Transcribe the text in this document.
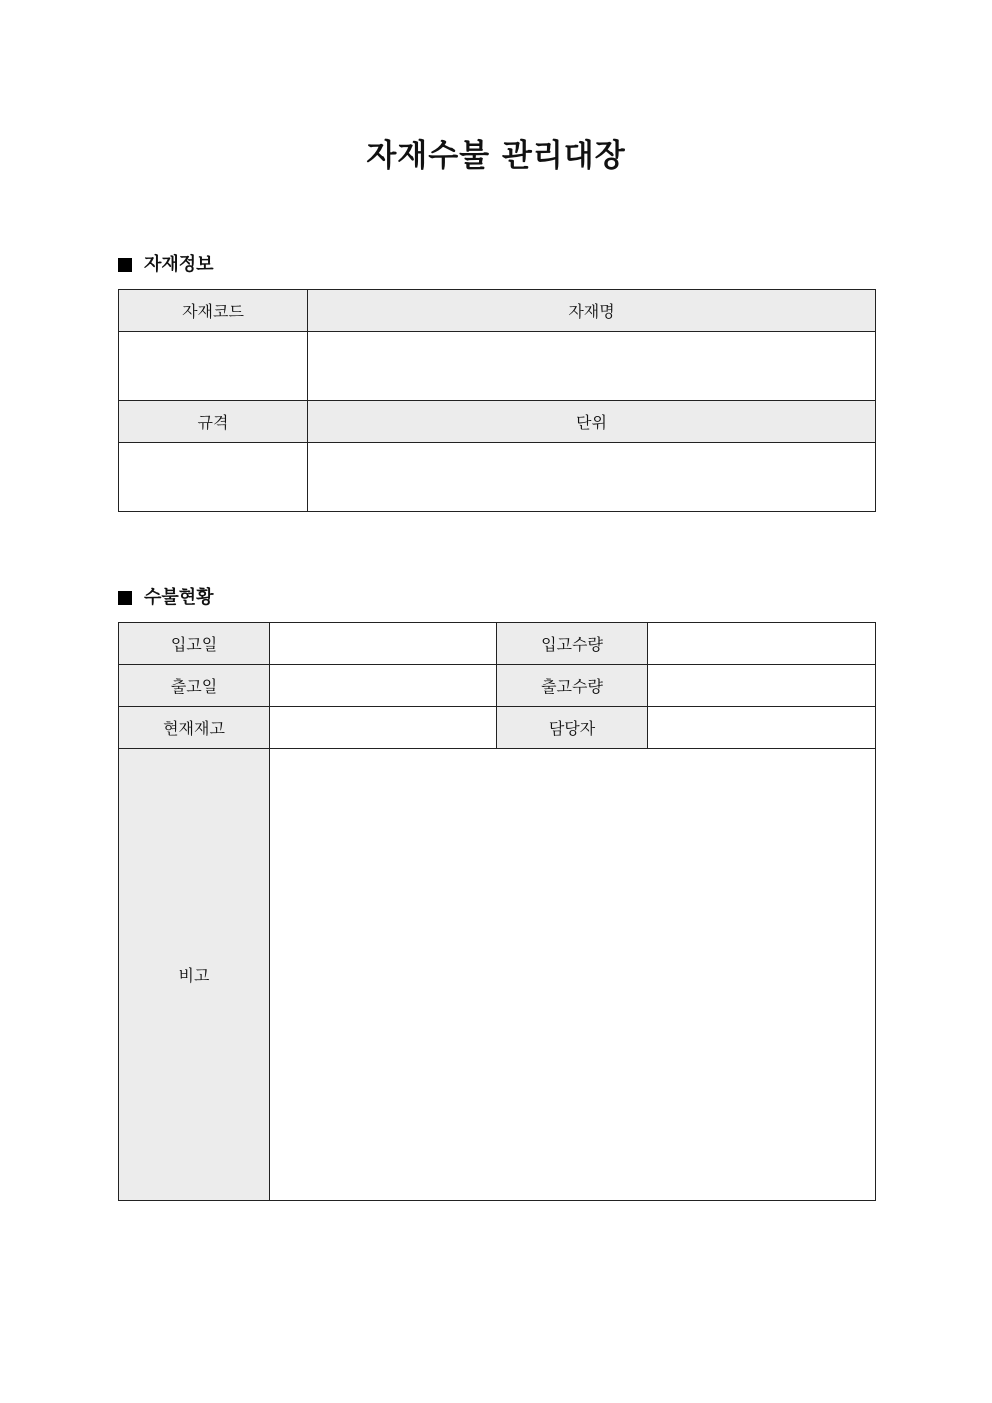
자재수불 관리대장
자재정보
자재코드	자재명

규격	단위

수불현황
입고일		입고수량	
출고일		출고수량	
현재재고		담당자	
비고			
